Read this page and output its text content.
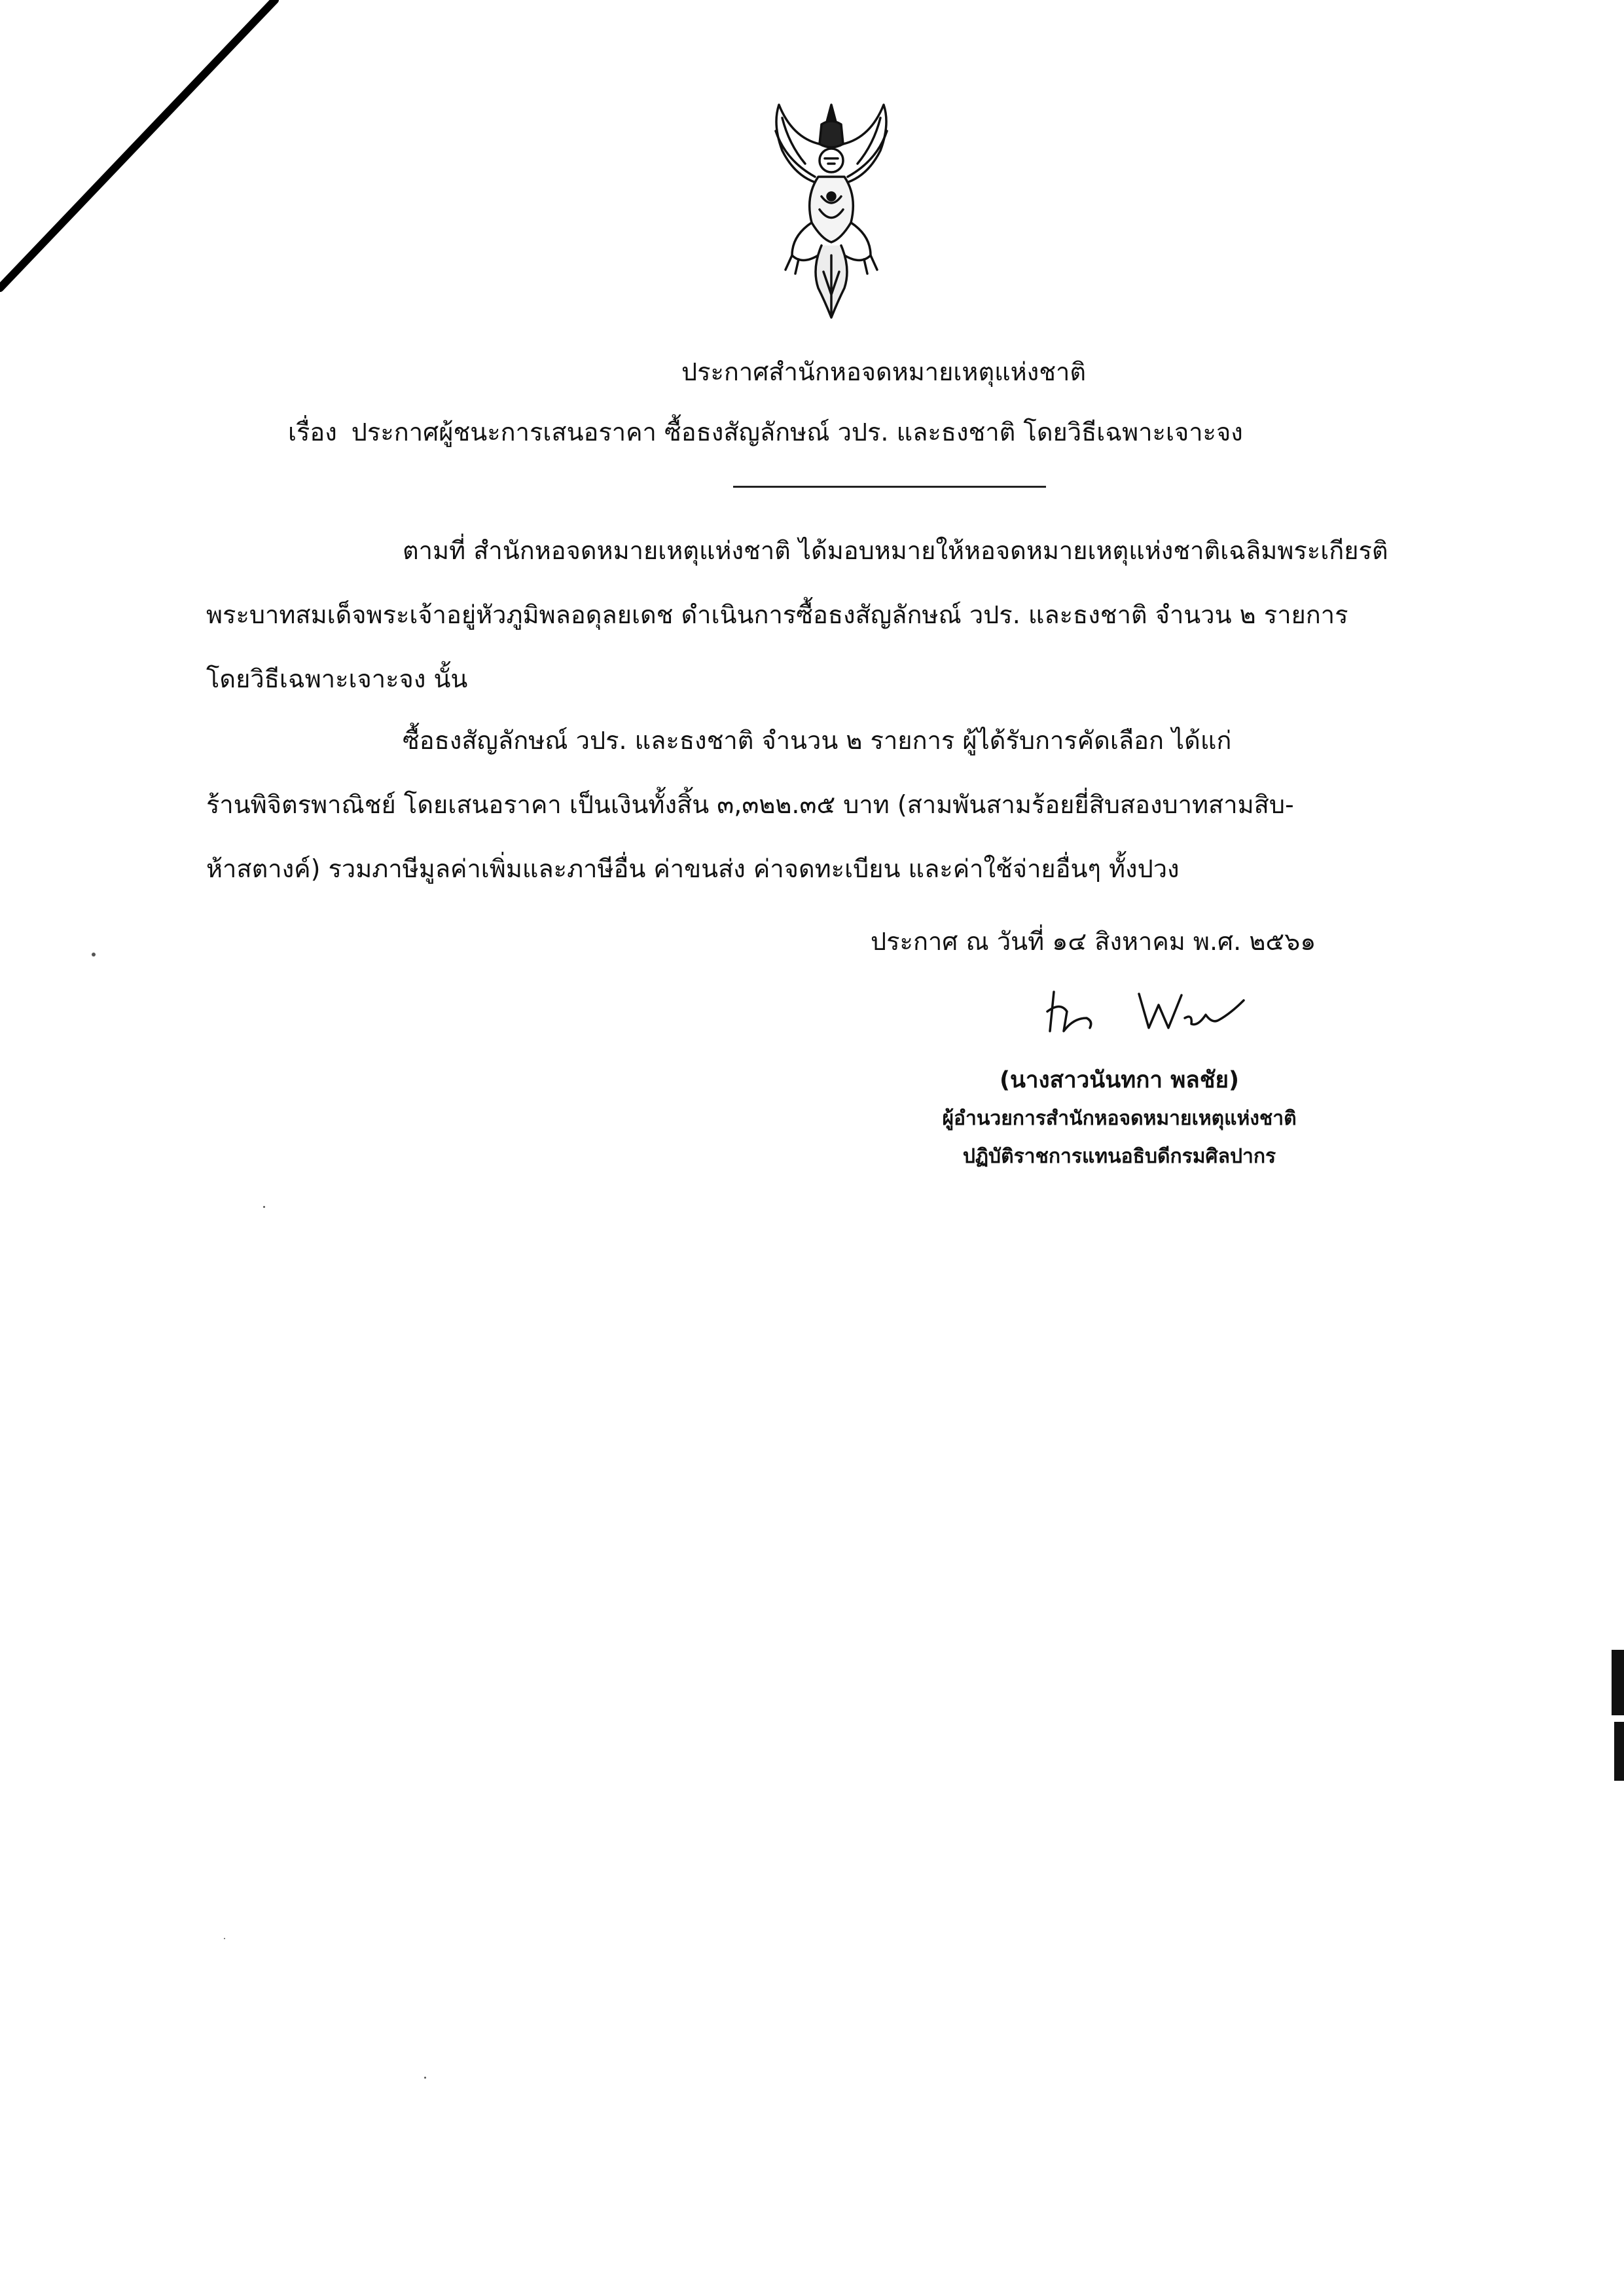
ประกาศสำนักหอจดหมายเหตุแห่งชาติ
เรื่อง ประกาศผู้ชนะการเสนอราคา ซื้อธงสัญลักษณ์ วปร. และธงชาติ โดยวิธีเฉพาะเจาะจง
ตามที่ สำนักหอจดหมายเหตุแห่งชาติ ได้มอบหมายให้หอจดหมายเหตุแห่งชาติเฉลิมพระเกียรติ
พระบาทสมเด็จพระเจ้าอยู่หัวภูมิพลอดุลยเดช ดำเนินการซื้อธงสัญลักษณ์ วปร. และธงชาติ จำนวน ๒ รายการ
โดยวิธีเฉพาะเจาะจง นั้น
ซื้อธงสัญลักษณ์ วปร. และธงชาติ จำนวน ๒ รายการ ผู้ได้รับการคัดเลือก ได้แก่
ร้านพิจิตรพาณิชย์ โดยเสนอราคา เป็นเงินทั้งสิ้น ๓,๓๒๒.๓๕ บาท (สามพันสามร้อยยี่สิบสองบาทสามสิบ-
ห้าสตางค์) รวมภาษีมูลค่าเพิ่มและภาษีอื่น ค่าขนส่ง ค่าจดทะเบียน และค่าใช้จ่ายอื่นๆ ทั้งปวง
ประกาศ ณ วันที่ ๑๔ สิงหาคม พ.ศ. ๒๕๖๑
(นางสาวนันทกา พลชัย)
ผู้อำนวยการสำนักหอจดหมายเหตุแห่งชาติ
ปฏิบัติราชการแทนอธิบดีกรมศิลปากร
